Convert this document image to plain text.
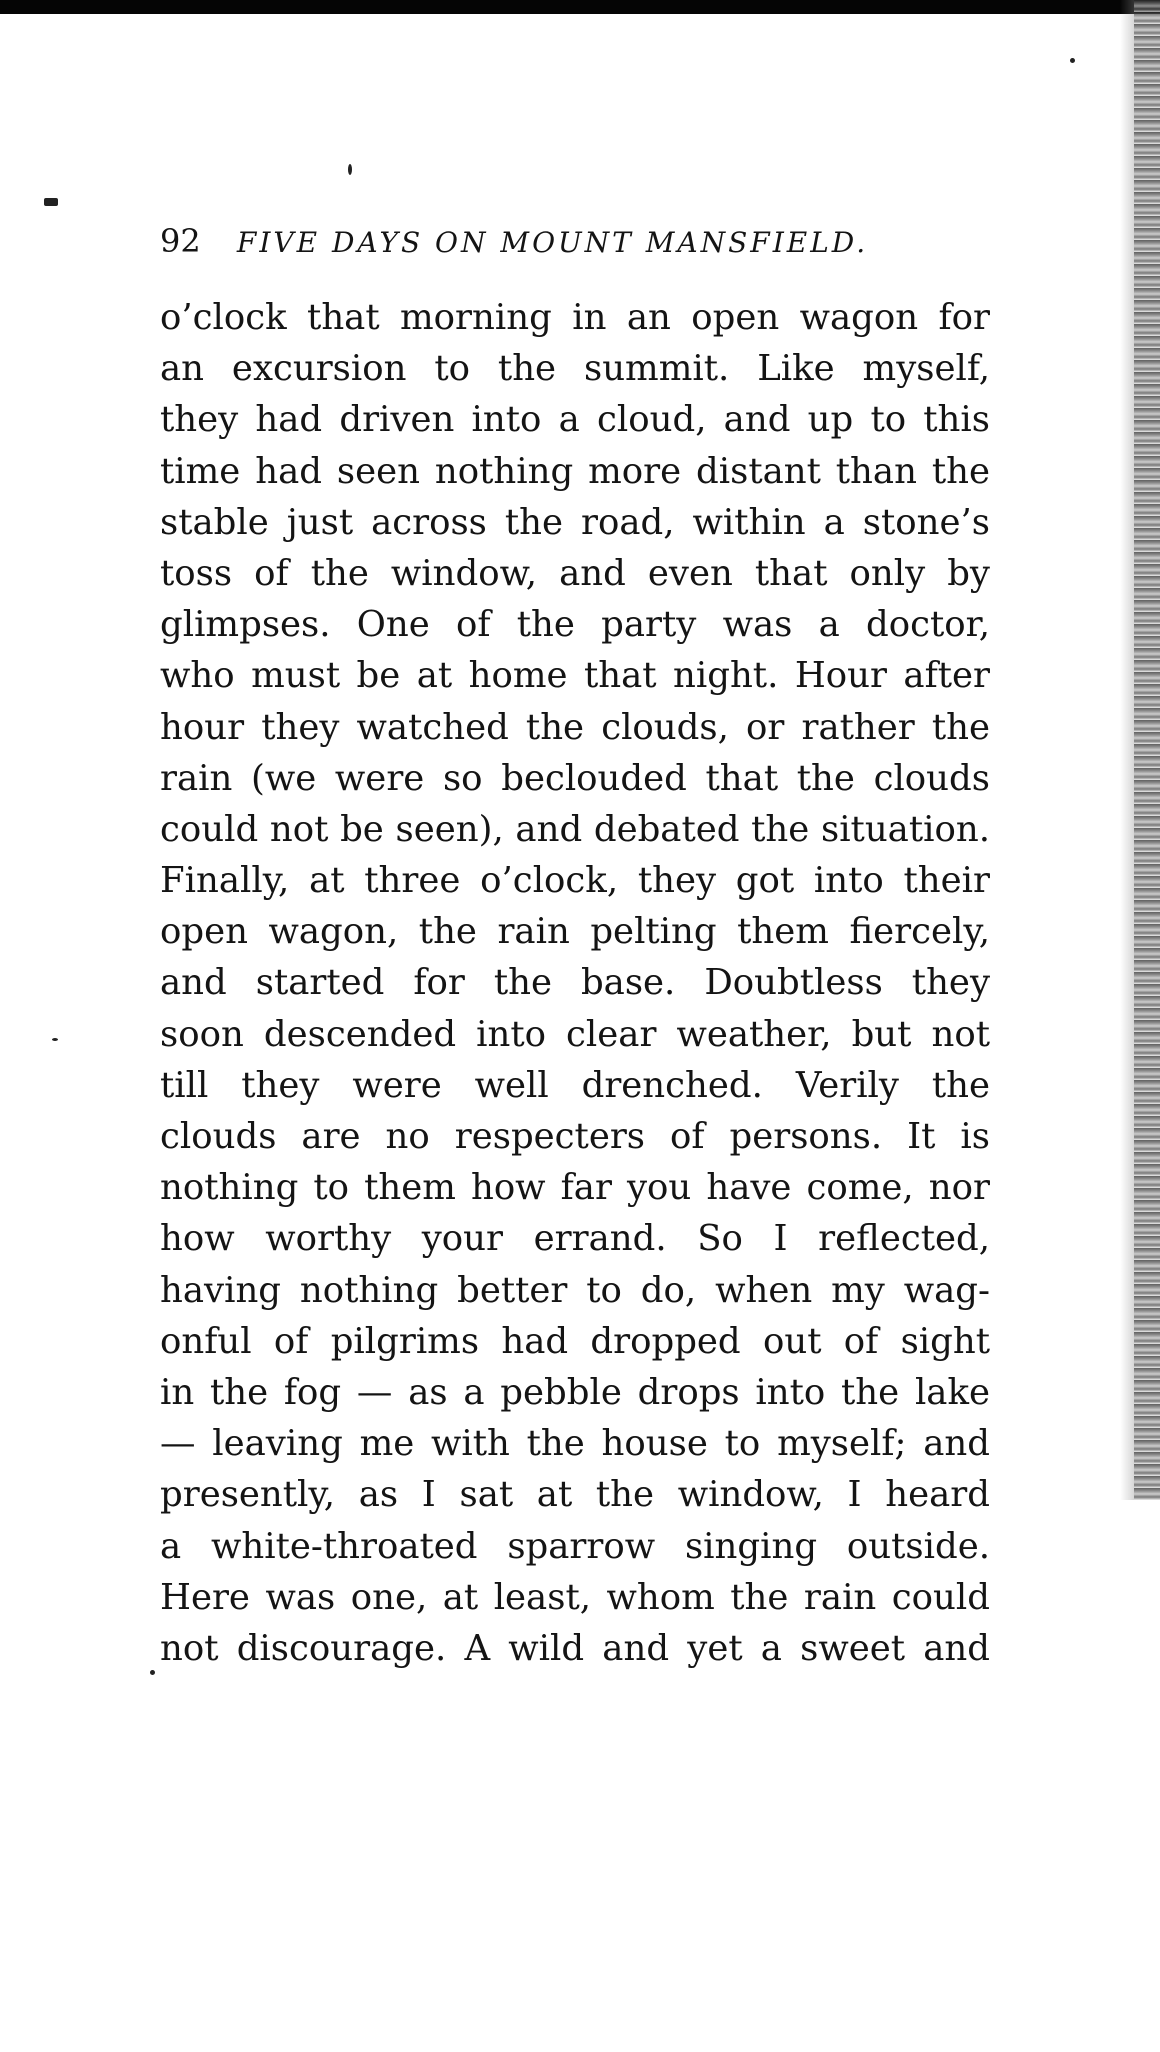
92 FIVE DAYS ON MOUNT MANSFIELD.
o’clock that morning in an open wagon for
an excursion to the summit. Like myself,
they had driven into a cloud, and up to this
time had seen nothing more distant than the
stable just across the road, within a stone’s
toss of the window, and even that only by
glimpses. One of the party was a doctor,
who must be at home that night. Hour after
hour they watched the clouds, or rather the
rain (we were so beclouded that the clouds
could not be seen), and debated the situation.
Finally, at three o’clock, they got into their
open wagon, the rain pelting them fiercely,
and started for the base. Doubtless they
soon descended into clear weather, but not
till they were well drenched. Verily the
clouds are no respecters of persons. It is
nothing to them how far you have come, nor
how worthy your errand. So I reflected,
having nothing better to do, when my wag-
onful of pilgrims had dropped out of sight
in the fog — as a pebble drops into the lake
— leaving me with the house to myself; and
presently, as I sat at the window, I heard
a white-throated sparrow singing outside.
Here was one, at least, whom the rain could
not discourage. A wild and yet a sweet and
